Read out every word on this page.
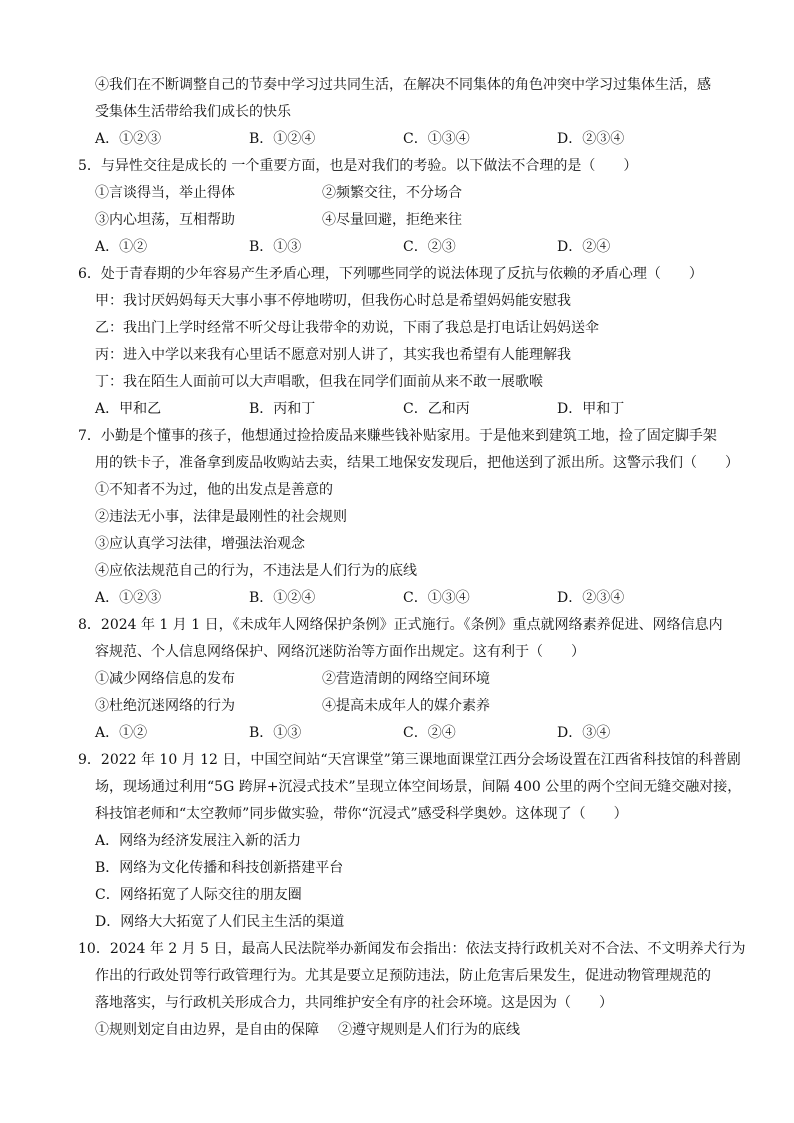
④我们在不断调整自己的节奏中学习过共同生活，在解决不同集体的角色冲突中学习过集体生活，感
受集体生活带给我们成长的快乐
A．①②③	B．①②④	C．①③④	D．②③④
5．与异性交往是成长的 一个重要方面，也是对我们的考验。以下做法不合理的是（　　）
①言谈得当，举止得体	②频繁交往，不分场合
③内心坦荡，互相帮助	④尽量回避，拒绝来往
A．①②	B．①③	C．②③	D．②④
6．处于青春期的少年容易产生矛盾心理，下列哪些同学的说法体现了反抗与依赖的矛盾心理（　　）
甲：我讨厌妈妈每天大事小事不停地唠叨，但我伤心时总是希望妈妈能安慰我
乙：我出门上学时经常不听父母让我带伞的劝说，下雨了我总是打电话让妈妈送伞
丙：进入中学以来我有心里话不愿意对别人讲了，其实我也希望有人能理解我
丁：我在陌生人面前可以大声唱歌，但我在同学们面前从来不敢一展歌喉
A．甲和乙	B．丙和丁	C．乙和丙	D．甲和丁
7．小勤是个懂事的孩子，他想通过捡拾废品来赚些钱补贴家用。于是他来到建筑工地，捡了固定脚手架
用的铁卡子，准备拿到废品收购站去卖，结果工地保安发现后，把他送到了派出所。这警示我们（　　）
①不知者不为过，他的出发点是善意的
②违法无小事，法律是最刚性的社会规则
③应认真学习法律，增强法治观念
④应依法规范自己的行为，不违法是人们行为的底线
A．①②③	B．①②④	C．①③④	D．②③④
8．2024 年 1 月 1 日，《未成年人网络保护条例》正式施行。《条例》重点就网络素养促进、网络信息内
容规范、个人信息网络保护、网络沉迷防治等方面作出规定。这有利于（　　）
①减少网络信息的发布	②营造清朗的网络空间环境
③杜绝沉迷网络的行为	④提高未成年人的媒介素养
A．①②	B．①③	C．②④	D．③④
9．2022 年 10 月 12 日，中国空间站“天宫课堂”第三课地面课堂江西分会场设置在江西省科技馆的科普剧
场，现场通过利用“5G 跨屏+沉浸式技术”呈现立体空间场景，间隔 400 公里的两个空间无缝交融对接，
科技馆老师和“太空教师”同步做实验，带你“沉浸式”感受科学奥妙。这体现了（　　）
A．网络为经济发展注入新的活力
B．网络为文化传播和科技创新搭建平台
C．网络拓宽了人际交往的朋友圈
D．网络大大拓宽了人们民主生活的渠道
10．2024 年 2 月 5 日，最高人民法院举办新闻发布会指出：依法支持行政机关对不合法、不文明养犬行为
作出的行政处罚等行政管理行为。尤其是要立足预防违法，防止危害后果发生，促进动物管理规范的
落地落实，与行政机关形成合力，共同维护安全有序的社会环境。这是因为（　　）
①规则划定自由边界，是自由的保障	②遵守规则是人们行为的底线
